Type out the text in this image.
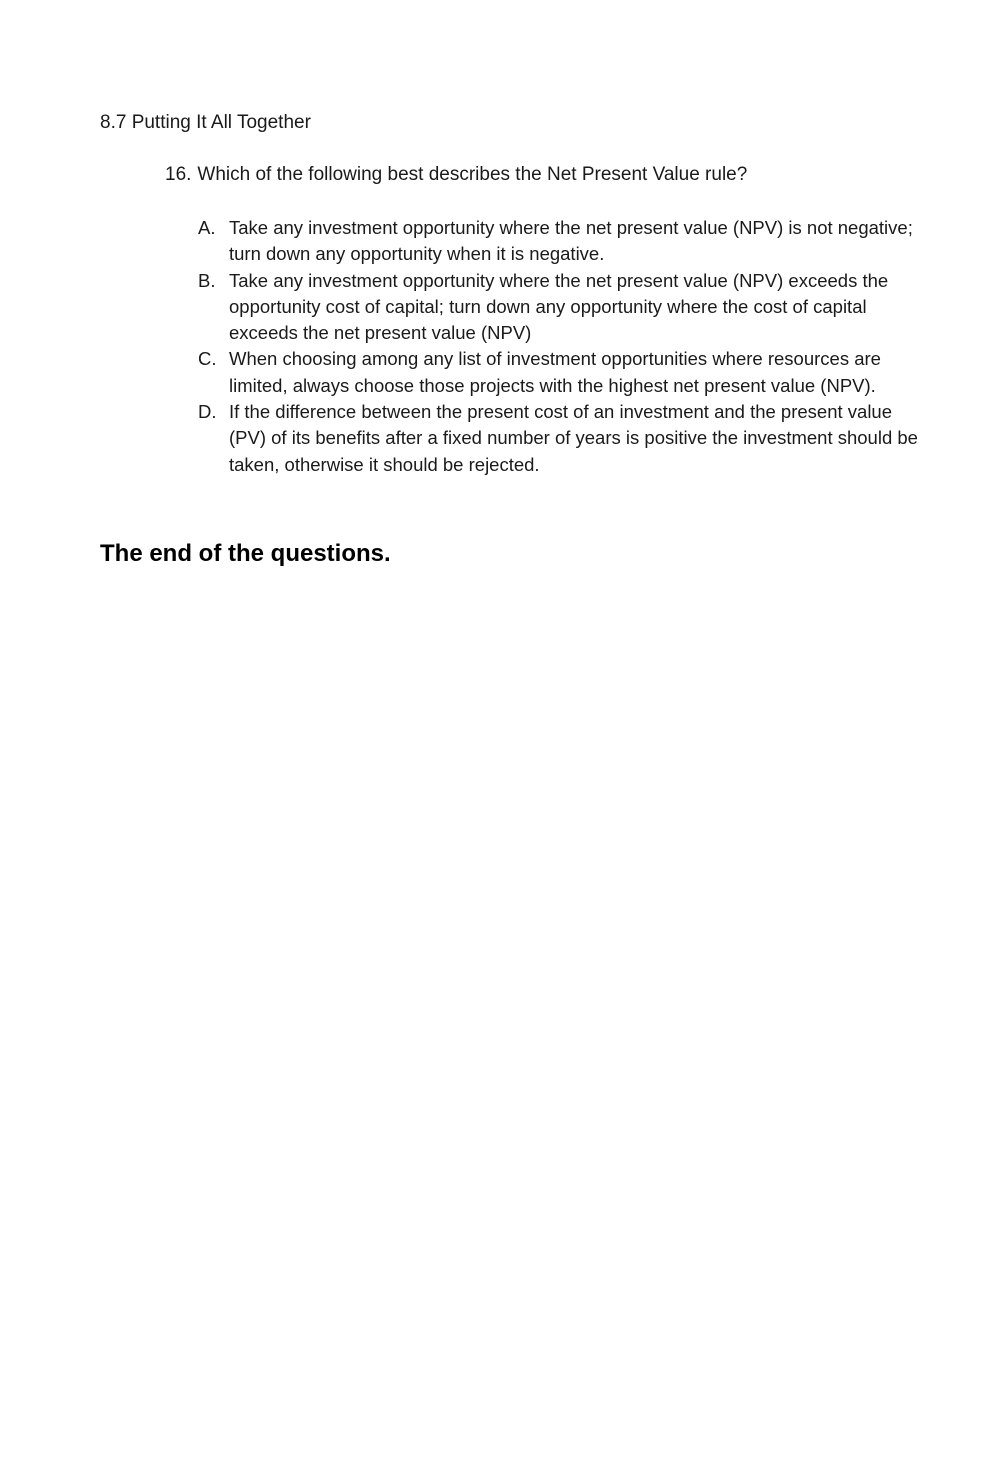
8.7 Putting It All Together

16. Which of the following best describes the Net Present Value rule?

A. Take any investment opportunity where the net present value (NPV) is not negative; turn down any opportunity when it is negative.
B. Take any investment opportunity where the net present value (NPV) exceeds the opportunity cost of capital; turn down any opportunity where the cost of capital exceeds the net present value (NPV)
C. When choosing among any list of investment opportunities where resources are limited, always choose those projects with the highest net present value (NPV).
D. If the difference between the present cost of an investment and the present value (PV) of its benefits after a fixed number of years is positive the investment should be taken, otherwise it should be rejected.

The end of the questions.
